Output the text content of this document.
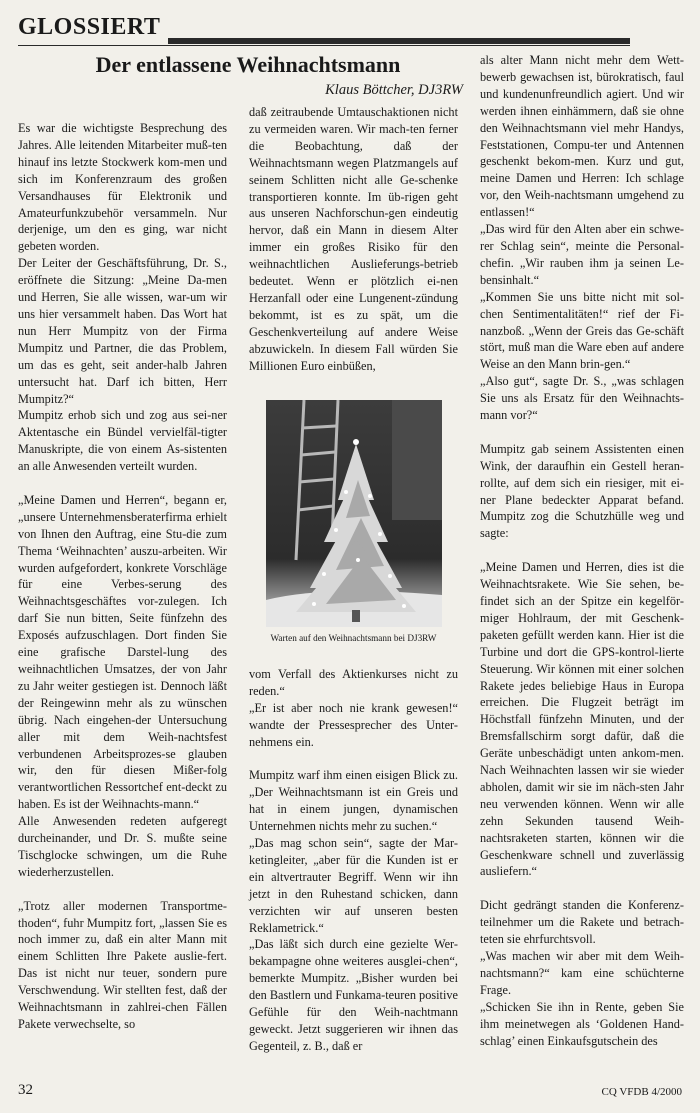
GLOSSIERT
Der entlassene Weihnachtsmann
Klaus Böttcher, DJ3RW

Es war die wichtigste Besprechung des Jahres. Alle leitenden Mitarbeiter muß-ten hinauf ins letzte Stockwerk kom-men und sich im Konferenzraum des großen Versandhauses für Elektronik und Amateurfunkzubehör versammeln. Nur derjenige, um den es ging, war nicht gebeten worden.

Der Leiter der Geschäftsführung, Dr. S., eröffnete die Sitzung: „Meine Da-men und Herren, Sie alle wissen, war-um wir uns hier versammelt haben. Das Wort hat nun Herr Mumpitz von der Firma Mumpitz und Partner, die das Problem, um das es geht, seit ander-halb Jahren untersucht hat. Darf ich bitten, Herr Mumpitz?“

Mumpitz erhob sich und zog aus sei-ner Aktentasche ein Bündel vervielfäl-tigter Manuskripte, die von einem As-sistenten an alle Anwesenden verteilt wurden.

„Meine Damen und Herren“, begann er, „unsere Unternehmensberaterfirma erhielt von Ihnen den Auftrag, eine Stu-die zum Thema ‘Weihnachten’ auszu-arbeiten. Wir wurden aufgefordert, konkrete Vorschläge für eine Verbes-serung des Weihnachtsgeschäftes vor-zulegen. Ich darf Sie nun bitten, Seite fünfzehn des Exposés aufzuschlagen. Dort finden Sie eine grafische Darstel-lung des weihnachtlichen Umsatzes, der von Jahr zu Jahr weiter gestiegen ist. Dennoch läßt der Reingewinn mehr als zu wünschen übrig. Nach eingehen-der Untersuchung aller mit dem Weih-nachtsfest verbundenen Arbeitsprozes-se glauben wir, den für diesen Mißer-folg verantwortlichen Ressortchef ent-deckt zu haben. Es ist der Weihnachts-mann.“

Alle Anwesenden redeten aufgeregt durcheinander, und Dr. S. mußte seine Tischglocke schwingen, um die Ruhe wiederherzustellen.

„Trotz aller modernen Transportme-thoden“, fuhr Mumpitz fort, „lassen Sie es noch immer zu, daß ein alter Mann mit einem Schlitten Ihre Pakete auslie-fert. Das ist nicht nur teuer, sondern pure Verschwendung. Wir stellten fest, daß der Weihnachtsmann in zahlrei-chen Fällen Pakete verwechselte, so

daß zeitraubende Umtauschaktionen nicht zu vermeiden waren. Wir mach-ten ferner die Beobachtung, daß der Weihnachtsmann wegen Platzmangels auf seinem Schlitten nicht alle Ge-schenke transportieren konnte. Im üb-rigen geht aus unseren Nachforschun-gen eindeutig hervor, daß ein Mann in diesem Alter immer ein großes Risiko für den weihnachtlichen Auslieferungs-betrieb bedeutet. Wenn er plötzlich ei-nen Herzanfall oder eine Lungenent-zündung bekommt, ist es zu spät, um die Geschenkverteilung auf andere Weise abzuwickeln. In diesem Fall würden Sie Millionen Euro einbüßen,

Warten auf den Weihnachtsmann bei DJ3RW

vom Verfall des Aktienkurses nicht zu reden.“

„Er ist aber noch nie krank gewesen!“ wandte der Pressesprecher des Unter-nehmens ein.

Mumpitz warf ihm einen eisigen Blick zu. „Der Weihnachtsmann ist ein Greis und hat in einem jungen, dynamischen Unternehmen nichts mehr zu suchen.“

„Das mag schon sein“, sagte der Mar-ketingleiter, „aber für die Kunden ist er ein altvertrauter Begriff. Wenn wir ihn jetzt in den Ruhestand schicken, dann verzichten wir auf unseren besten Reklametrick.“

„Das läßt sich durch eine gezielte Wer-bekampagne ohne weiteres ausglei-chen“, bemerkte Mumpitz. „Bisher wurden bei den Bastlern und Funkama-teuren positive Gefühle für den Weih-nachtmann geweckt. Jetzt suggerieren wir ihnen das Gegenteil, z. B., daß er

als alter Mann nicht mehr dem Wett-bewerb gewachsen ist, bürokratisch, faul und kundenunfreundlich agiert. Und wir werden ihnen einhämmern, daß sie ohne den Weihnachtsmann viel mehr Handys, Feststationen, Compu-ter und Antennen geschenkt bekom-men. Kurz und gut, meine Damen und Herren: Ich schlage vor, den Weih-nachtsmann umgehend zu entlassen!“

„Das wird für den Alten aber ein schwe-rer Schlag sein“, meinte die Personal-chefin. „Wir rauben ihm ja seinen Le-bensinhalt.“

„Kommen Sie uns bitte nicht mit sol-chen Sentimentalitäten!“ rief der Fi-nanzboß. „Wenn der Greis das Ge-schäft stört, muß man die Ware eben auf andere Weise an den Mann brin-gen.“

„Also gut“, sagte Dr. S., „was schlagen Sie uns als Ersatz für den Weihnachts-mann vor?“

Mumpitz gab seinem Assistenten einen Wink, der daraufhin ein Gestell heran-rollte, auf dem sich ein riesiger, mit ei-ner Plane bedeckter Apparat befand. Mumpitz zog die Schutzhülle weg und sagte:

„Meine Damen und Herren, dies ist die Weihnachtsrakete. Wie Sie sehen, be-findet sich an der Spitze ein kegelför-miger Hohlraum, der mit Geschenk-paketen gefüllt werden kann. Hier ist die Turbine und dort die GPS-kontrol-lierte Steuerung. Wir können mit einer solchen Rakete jedes beliebige Haus in Europa erreichen. Die Flugzeit beträgt im Höchstfall fünfzehn Minuten, und der Bremsfallschirm sorgt dafür, daß die Geräte unbeschädigt unten ankom-men. Nach Weihnachten lassen wir sie wieder abholen, damit wir sie im näch-sten Jahr neu verwenden können. Wenn wir alle zehn Sekunden tausend Weih-nachtsraketen starten, können wir die Geschenkware schnell und zuverlässig ausliefern.“

Dicht gedrängt standen die Konferenz-teilnehmer um die Rakete und betrach-teten sie ehrfurchtsvoll.

„Was machen wir aber mit dem Weih-nachtsmann?“ kam eine schüchterne Frage.

„Schicken Sie ihn in Rente, geben Sie ihm meinetwegen als ‘Goldenen Hand-schlag’ einen Einkaufsgutschein des

32	CQ VFDB 4/2000
